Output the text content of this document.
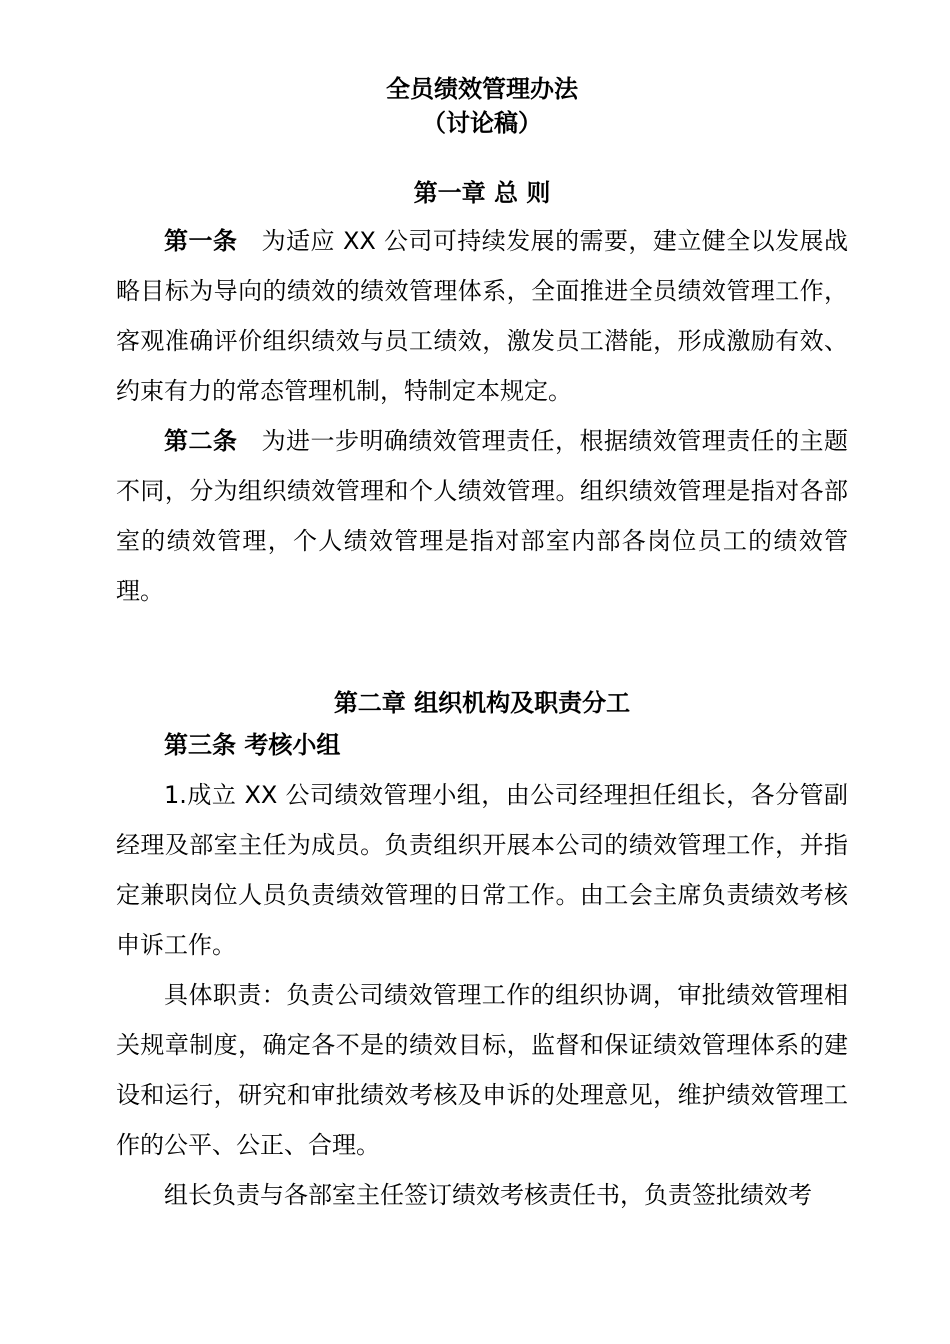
全员绩效管理办法
（讨论稿）
第一章 总 则

第一条 为适应 XX 公司可持续发展的需要，建立健全以发展战略目标为导向的绩效的绩效管理体系，全面推进全员绩效管理工作，客观准确评价组织绩效与员工绩效，激发员工潜能，形成激励有效、约束有力的常态管理机制，特制定本规定。

第二条 为进一步明确绩效管理责任，根据绩效管理责任的主题不同，分为组织绩效管理和个人绩效管理。组织绩效管理是指对各部室的绩效管理，个人绩效管理是指对部室内部各岗位员工的绩效管理。

第二章 组织机构及职责分工

第三条 考核小组

1.成立 XX 公司绩效管理小组，由公司经理担任组长，各分管副经理及部室主任为成员。负责组织开展本公司的绩效管理工作，并指定兼职岗位人员负责绩效管理的日常工作。由工会主席负责绩效考核申诉工作。

具体职责：负责公司绩效管理工作的组织协调，审批绩效管理相关规章制度，确定各不是的绩效目标，监督和保证绩效管理体系的建设和运行，研究和审批绩效考核及申诉的处理意见，维护绩效管理工作的公平、公正、合理。

组长负责与各部室主任签订绩效考核责任书，负责签批绩效考
